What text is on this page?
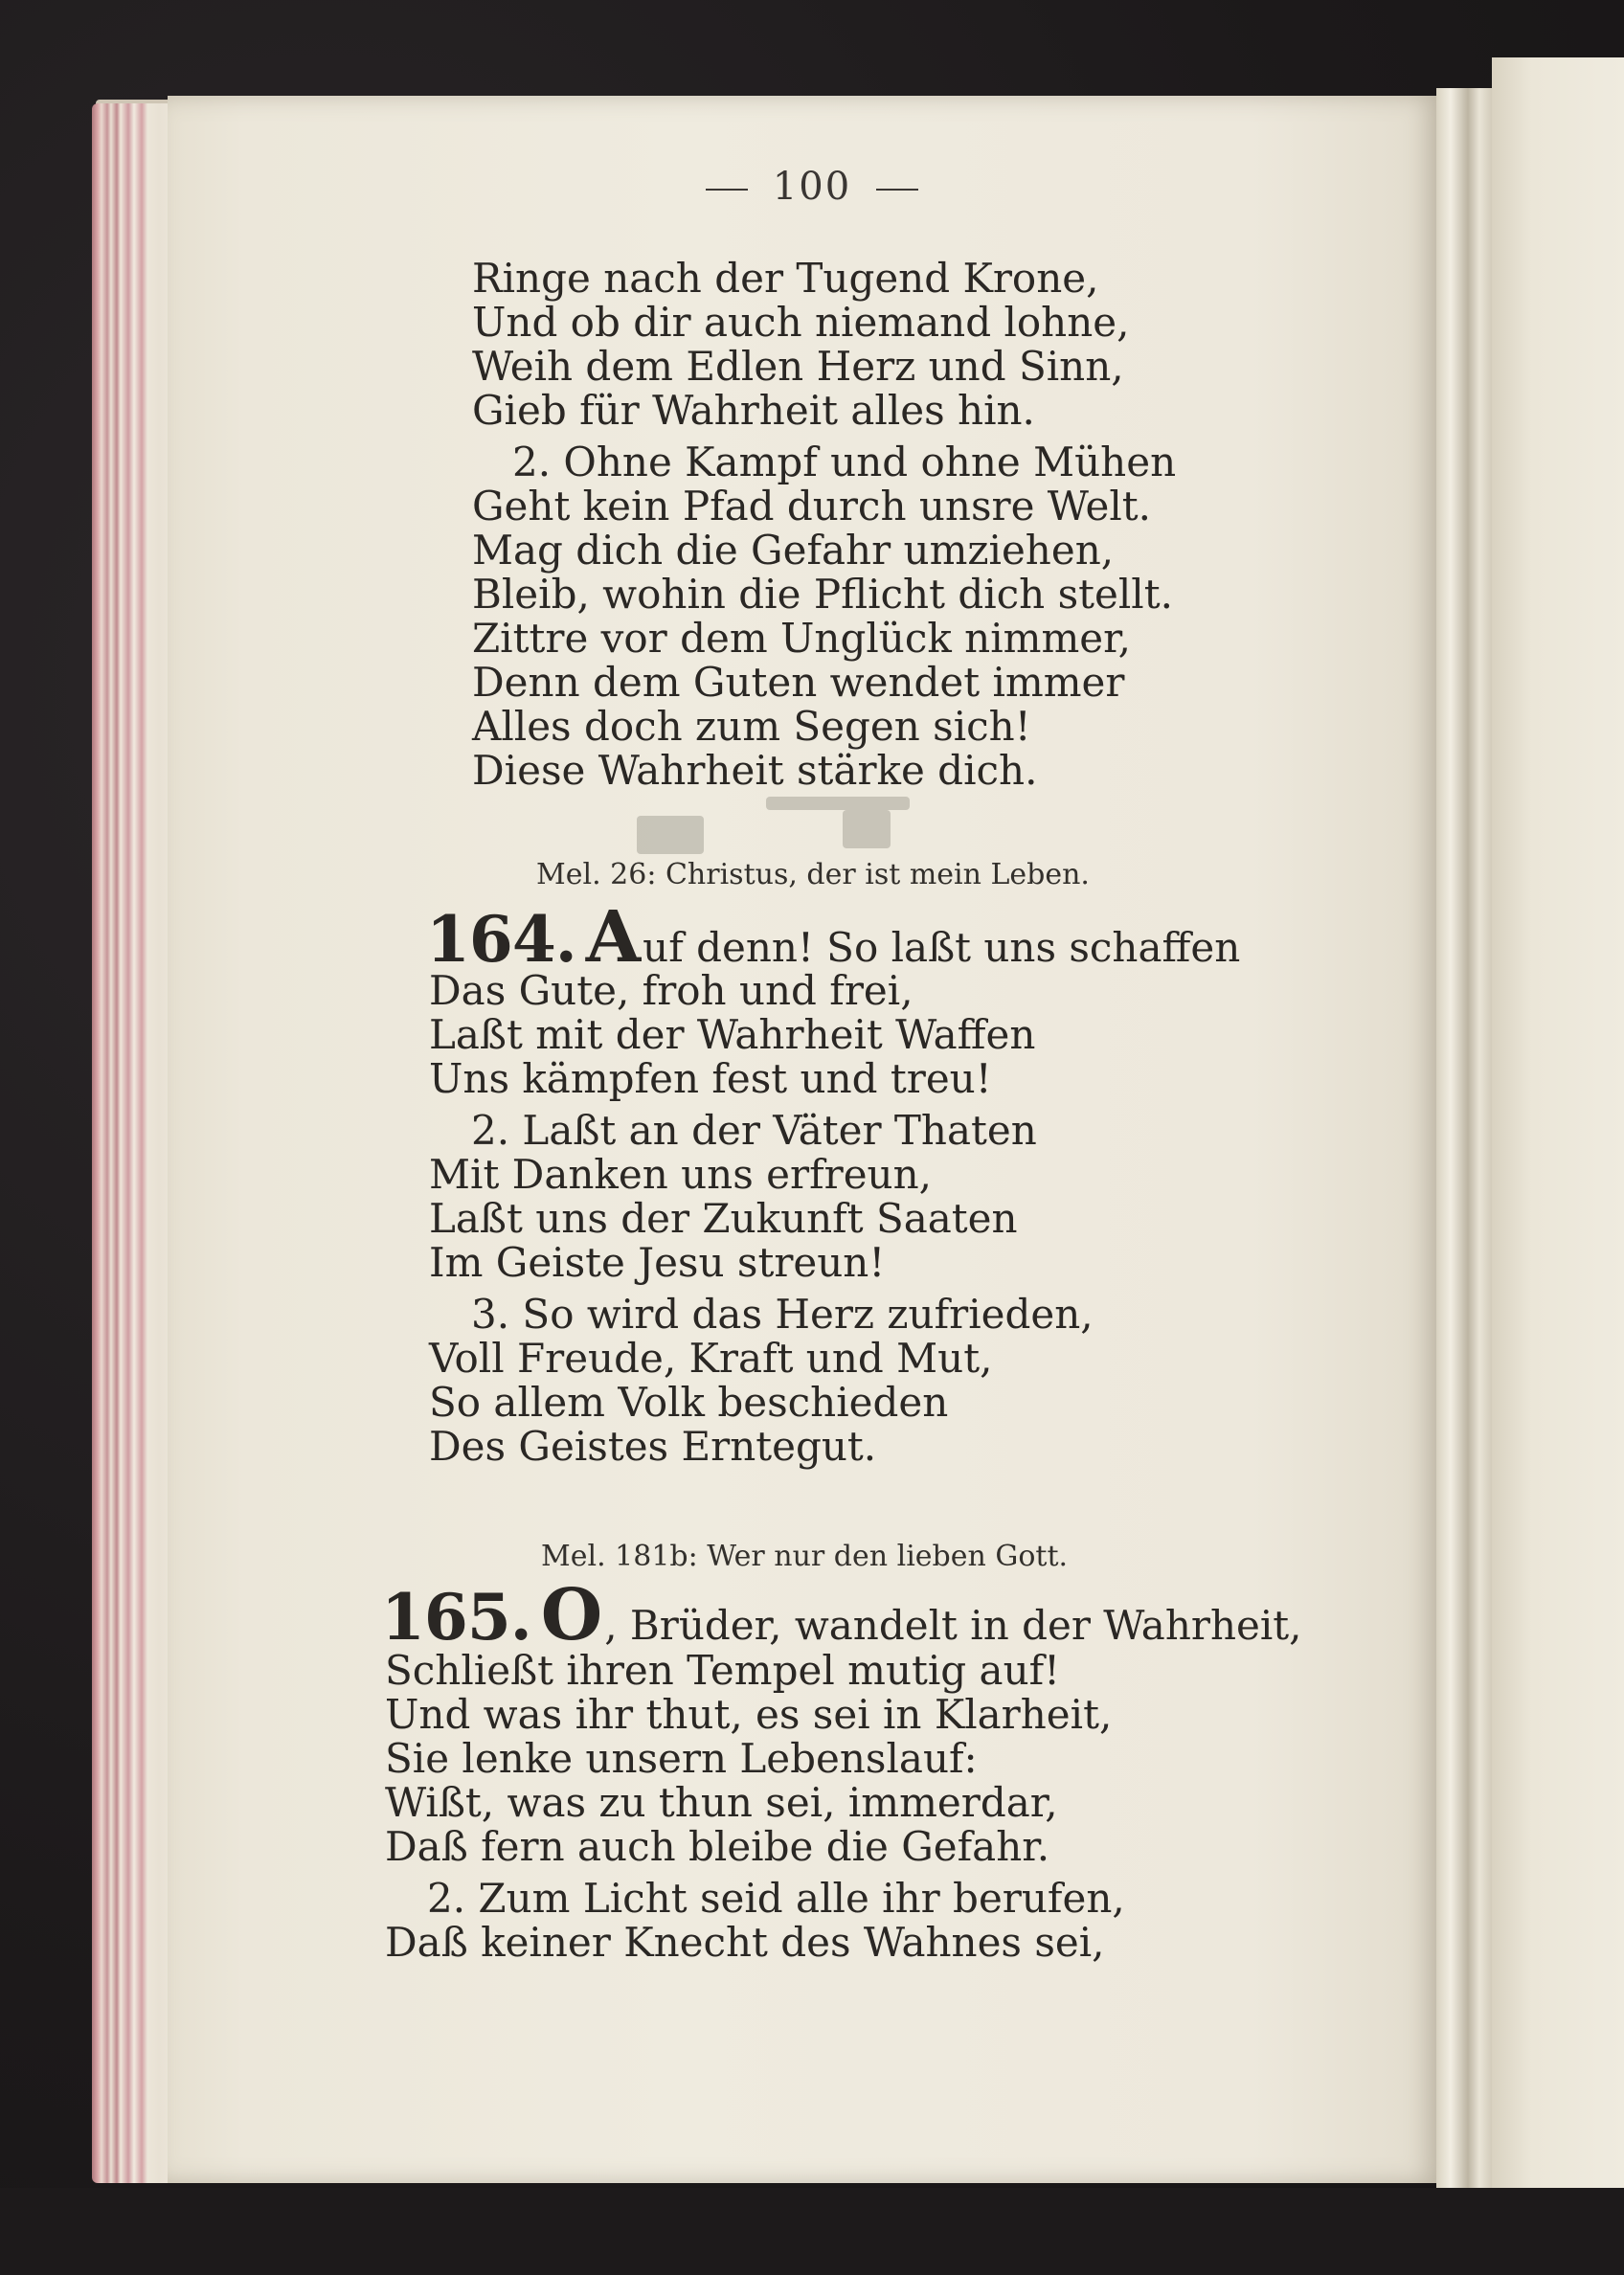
100
Ringe nach der Tugend Krone,
Und ob dir auch niemand lohne,
Weih dem Edlen Herz und Sinn,
Gieb für Wahrheit alles hin.
2. Ohne Kampf und ohne Mühen
Geht kein Pfad durch unsre Welt.
Mag dich die Gefahr umziehen,
Bleib, wohin die Pflicht dich stellt.
Zittre vor dem Unglück nimmer,
Denn dem Guten wendet immer
Alles doch zum Segen sich!
Diese Wahrheit stärke dich.
Mel. 26: Christus, der ist mein Leben.
164. Auf denn! So laßt uns schaffen
Das Gute, froh und frei,
Laßt mit der Wahrheit Waffen
Uns kämpfen fest und treu!
2. Laßt an der Väter Thaten
Mit Danken uns erfreun,
Laßt uns der Zukunft Saaten
Im Geiste Jesu streun!
3. So wird das Herz zufrieden,
Voll Freude, Kraft und Mut,
So allem Volk beschieden
Des Geistes Erntegut.
Mel. 181b: Wer nur den lieben Gott.
165. O, Brüder, wandelt in der Wahrheit,
Schließt ihren Tempel mutig auf!
Und was ihr thut, es sei in Klarheit,
Sie lenke unsern Lebenslauf:
Wißt, was zu thun sei, immerdar,
Daß fern auch bleibe die Gefahr.
2. Zum Licht seid alle ihr berufen,
Daß keiner Knecht des Wahnes sei,
